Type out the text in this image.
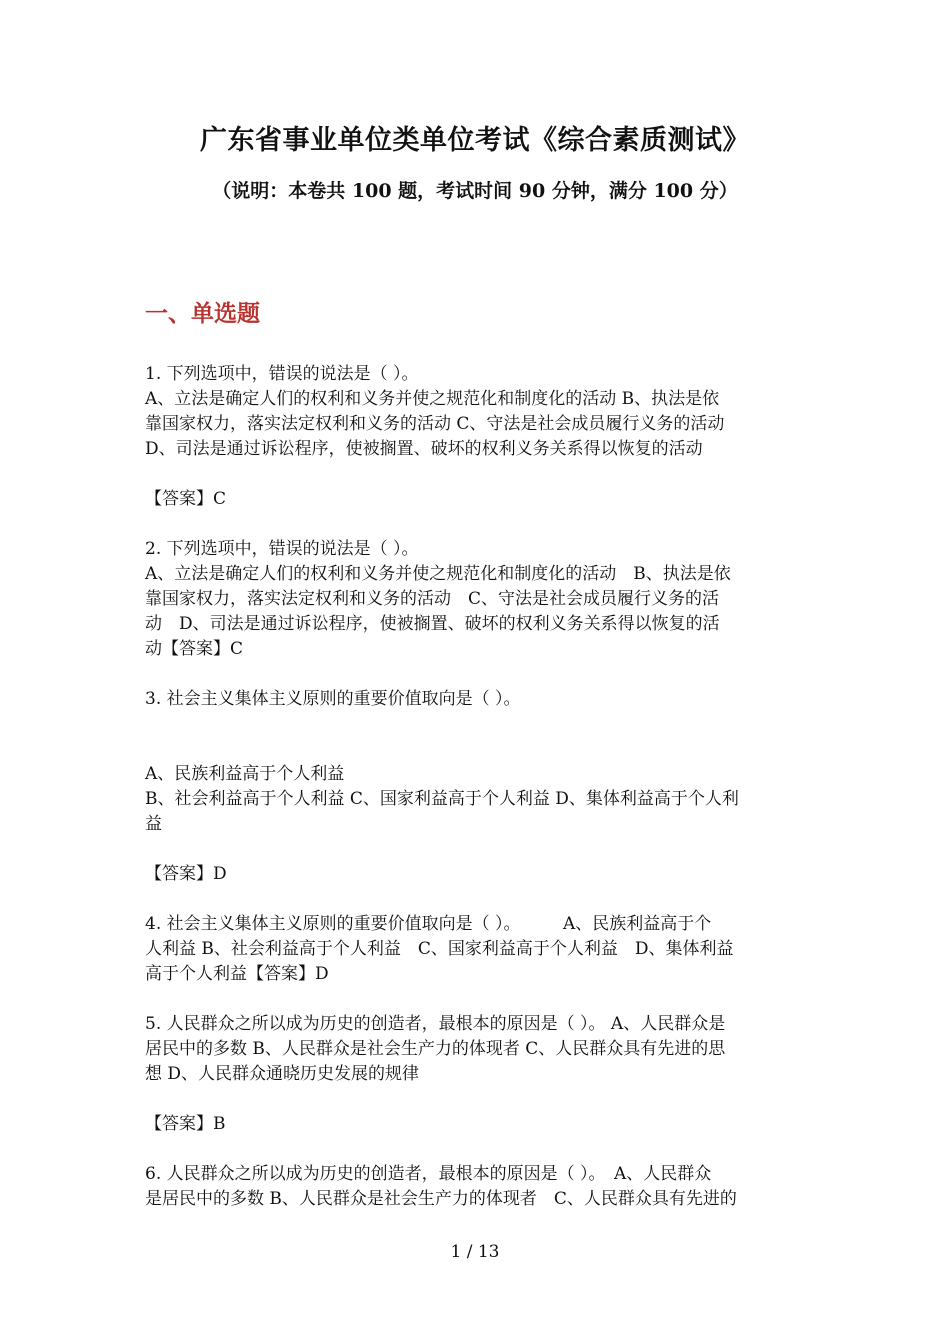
广东省事业单位类单位考试《综合素质测试》
（说明：本卷共 100 题，考试时间 90 分钟，满分 100 分）
一、单选题
1. 下列选项中，错误的说法是（ ）。
A、立法是确定人们的权利和义务并使之规范化和制度化的活动 B、执法是依
靠国家权力，落实法定权利和义务的活动 C、守法是社会成员履行义务的活动
D、司法是通过诉讼程序，使被搁置、破坏的权利义务关系得以恢复的活动
【答案】C
2. 下列选项中，错误的说法是（ ）。
A、立法是确定人们的权利和义务并使之规范化和制度化的活动　B、执法是依
靠国家权力，落实法定权利和义务的活动　C、守法是社会成员履行义务的活
动　D、司法是通过诉讼程序，使被搁置、破坏的权利义务关系得以恢复的活
动【答案】C
3. 社会主义集体主义原则的重要价值取向是（ ）。
A、民族利益高于个人利益
B、社会利益高于个人利益 C、国家利益高于个人利益 D、集体利益高于个人利
益
【答案】D
4. 社会主义集体主义原则的重要价值取向是（ ）。　　　A、民族利益高于个
人利益 B、社会利益高于个人利益　C、国家利益高于个人利益　D、集体利益
高于个人利益【答案】D
5. 人民群众之所以成为历史的创造者，最根本的原因是（ ）。 A、人民群众是
居民中的多数 B、人民群众是社会生产力的体现者 C、人民群众具有先进的思
想 D、人民群众通晓历史发展的规律
【答案】B
6. 人民群众之所以成为历史的创造者，最根本的原因是（ ）。　A、人民群众
是居民中的多数 B、人民群众是社会生产力的体现者　C、人民群众具有先进的
1 / 13
